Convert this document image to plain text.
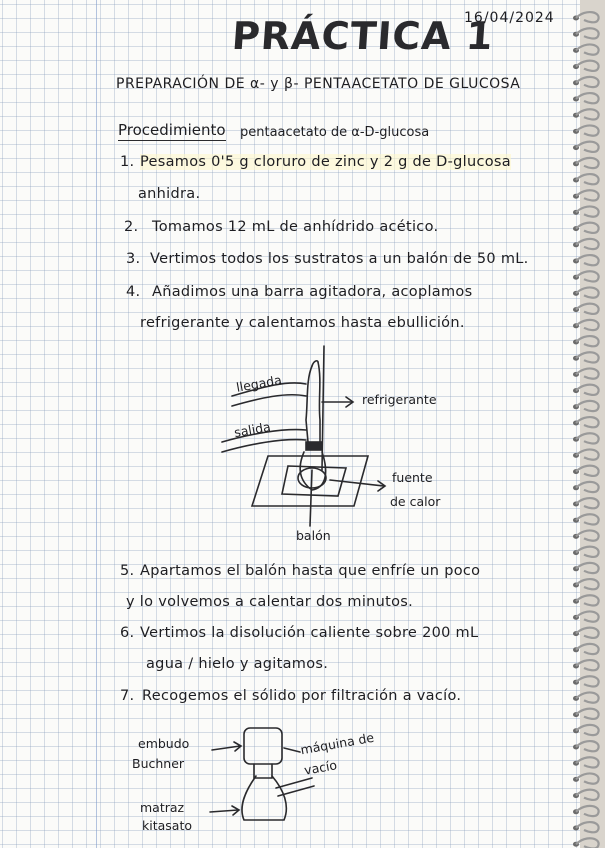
PRÁCTICA 1
16/04/2024
PREPARACIÓN DE α- y β- PENTAACETATO DE GLUCOSA
Procedimiento pentaacetato de α-D-glucosa
1. Pesamos 0'5 g cloruro de zinc y 2 g de D-glucosa
anhidra.
2. Tomamos 12 mL de anhídrido acético.
3. Vertimos todos los sustratos a un balón de 50 mL.
4. Añadimos una barra agitadora, acoplamos
refrigerante y calentamos hasta ebullición.
llegada
salida
refrigerante
fuente
de calor
balón
5. Apartamos el balón hasta que enfríe un poco
y lo volvemos a calentar dos minutos.
6. Vertimos la disolución caliente sobre 200 mL
agua / hielo y agitamos.
7. Recogemos el sólido por filtración a vacío.
embudo
Buchner
máquina de
vacío
matraz
kitasato
